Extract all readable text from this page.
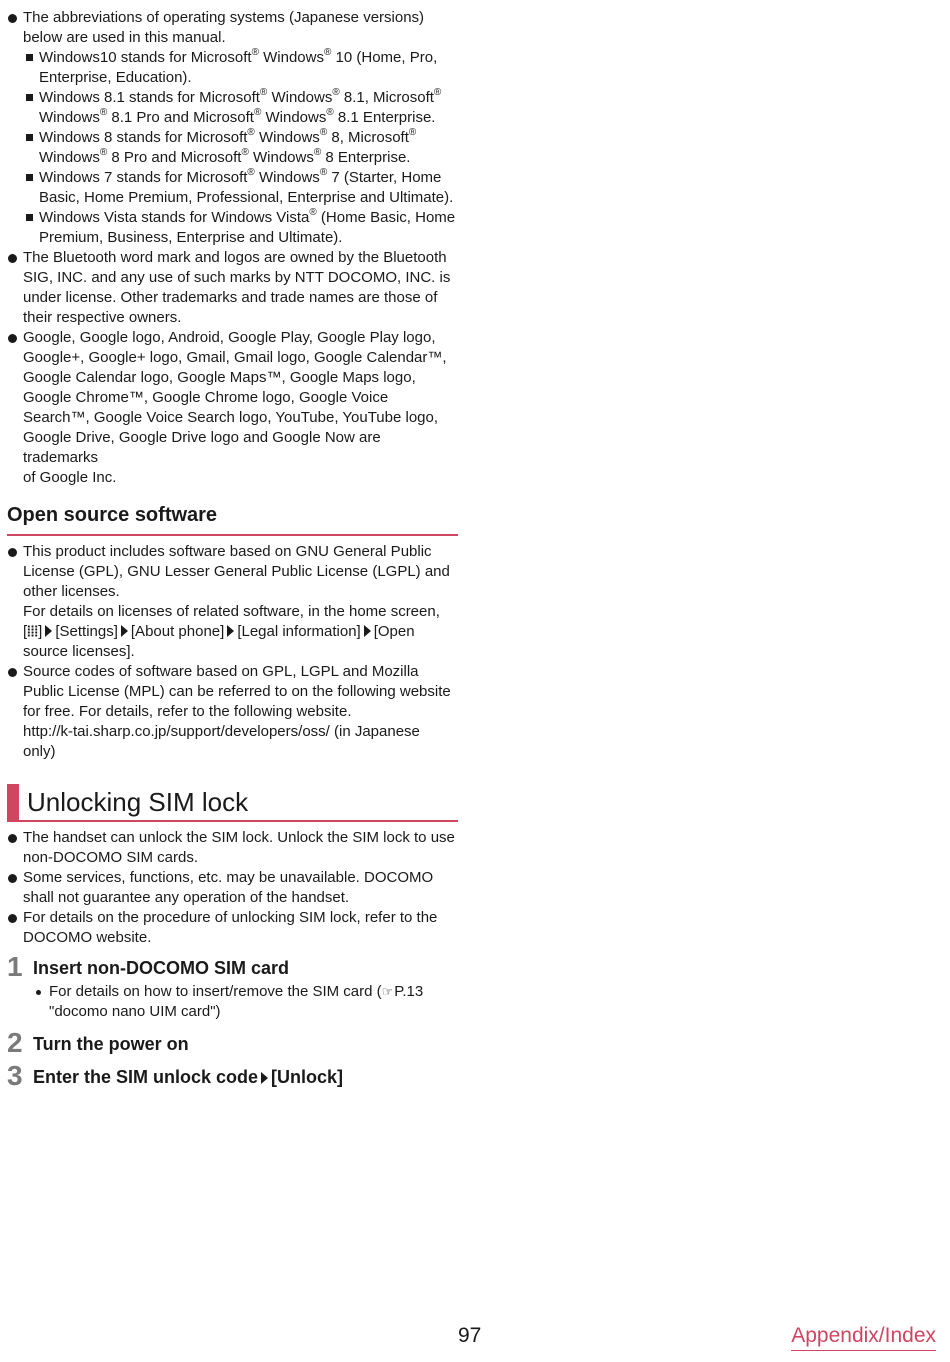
The abbreviations of operating systems (Japanese versions)
below are used in this manual.
Windows10 stands for Microsoft® Windows® 10 (Home, Pro,
Enterprise, Education).
Windows 8.1 stands for Microsoft® Windows® 8.1, Microsoft®
Windows® 8.1 Pro and Microsoft® Windows® 8.1 Enterprise.
Windows 8 stands for Microsoft® Windows® 8, Microsoft®
Windows® 8 Pro and Microsoft® Windows® 8 Enterprise.
Windows 7 stands for Microsoft® Windows® 7 (Starter, Home
Basic, Home Premium, Professional, Enterprise and Ultimate).
Windows Vista stands for Windows Vista® (Home Basic, Home
Premium, Business, Enterprise and Ultimate).
The Bluetooth word mark and logos are owned by the Bluetooth
SIG, INC. and any use of such marks by NTT DOCOMO, INC. is
under license. Other trademarks and trade names are those of
their respective owners.
Google, Google logo, Android, Google Play, Google Play logo,
Google+, Google+ logo, Gmail, Gmail logo, Google Calendar™,
Google Calendar logo, Google Maps™, Google Maps logo,
Google Chrome™, Google Chrome logo, Google Voice
Search™, Google Voice Search logo, YouTube, YouTube logo,
Google Drive, Google Drive logo and Google Now are trademarks
of Google Inc.
Open source software
This product includes software based on GNU General Public
License (GPL), GNU Lesser General Public License (LGPL) and
other licenses.
For details on licenses of related software, in the home screen,
[ ] [Settings] [About phone] [Legal information] [Open
source licenses].
Source codes of software based on GPL, LGPL and Mozilla
Public License (MPL) can be referred to on the following website
for free. For details, refer to the following website.
http://k-tai.sharp.co.jp/support/developers/oss/ (in Japanese
only)
Unlocking SIM lock
The handset can unlock the SIM lock. Unlock the SIM lock to use
non-DOCOMO SIM cards.
Some services, functions, etc. may be unavailable. DOCOMO
shall not guarantee any operation of the handset.
For details on the procedure of unlocking SIM lock, refer to the
DOCOMO website.
1 Insert non-DOCOMO SIM card
For details on how to insert/remove the SIM card (☞P.13
"docomo nano UIM card")
2 Turn the power on
3 Enter the SIM unlock code [Unlock]
97	Appendix/Index
